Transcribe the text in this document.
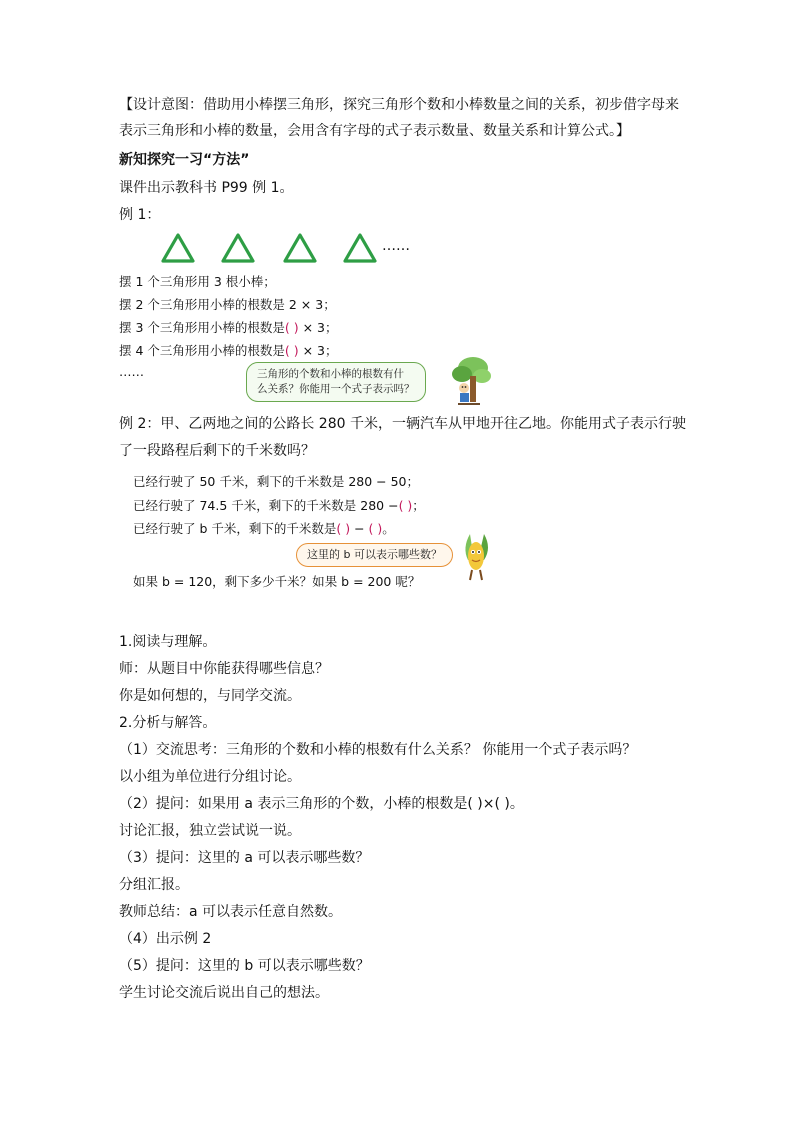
【设计意图：借助用小棒摆三角形，探究三角形个数和小棒数量之间的关系，初步借字母来表示三角形和小棒的数量，会用含有字母的式子表示数量、数量关系和计算公式。】
新知探究一习“方法”
课件出示教科书 P99 例 1。
例 1：
……
摆 1 个三角形用 3 根小棒；
摆 2 个三角形用小棒的根数是 2 × 3；
摆 3 个三角形用小棒的根数是( ) × 3；
摆 4 个三角形用小棒的根数是( ) × 3；
……	三角形的个数和小棒的根数有什
么关系？你能用一个式子表示吗？
例 2：甲、乙两地之间的公路长 280 千米，一辆汽车从甲地开往乙地。你能用式子表示行驶
了一段路程后剩下的千米数吗？
已经行驶了 50 千米，剩下的千米数是 280 − 50；
已经行驶了 74.5 千米，剩下的千米数是 280 −( )；
已经行驶了 b 千米，剩下的千米数是( ) − ( )。
这里的 b 可以表示哪些数？
如果 b = 120，剩下多少千米？如果 b = 200 呢？
1.阅读与理解。
师：从题目中你能获得哪些信息？
你是如何想的，与同学交流。
2.分析与解答。
（1）交流思考：三角形的个数和小棒的根数有什么关系？ 你能用一个式子表示吗？
以小组为单位进行分组讨论。
（2）提问：如果用 a 表示三角形的个数，小棒的根数是( )×( )。
讨论汇报，独立尝试说一说。
（3）提问：这里的 a 可以表示哪些数？
分组汇报。
教师总结：a 可以表示任意自然数。
（4）出示例 2
（5）提问：这里的 b 可以表示哪些数？
学生讨论交流后说出自己的想法。
